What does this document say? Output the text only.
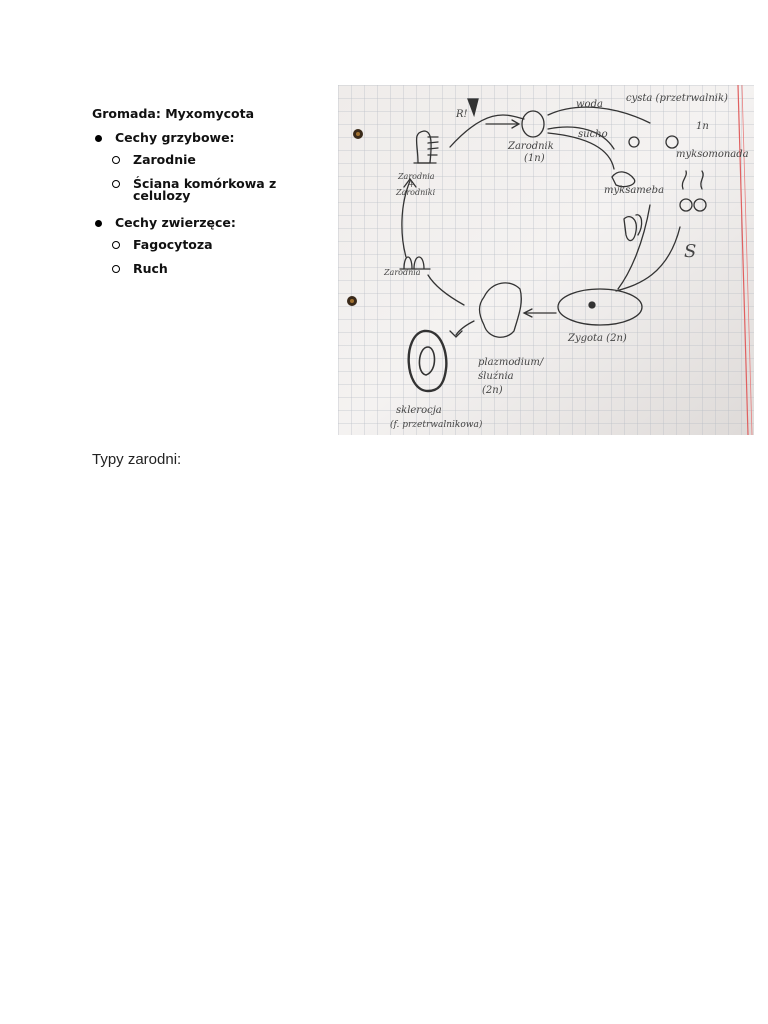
Gromada: Myxomycota
Cechy grzybowe:
Zarodnie
Ściana komórkowa z celulozy
Cechy zwierzęce:
Fagocytoza
Ruch
R!
Zarodnik
(1n)
woda
sucho
cysta (przetrwalnik)
myksomonada
myksameba
1n
S
Zygota (2n)
plazmodium/
śluźnia
(2n)
sklerocja
(f. przetrwalnikowa)
Zarodnia
Zarodnia
+
Zarodniki
Typy zarodni:
